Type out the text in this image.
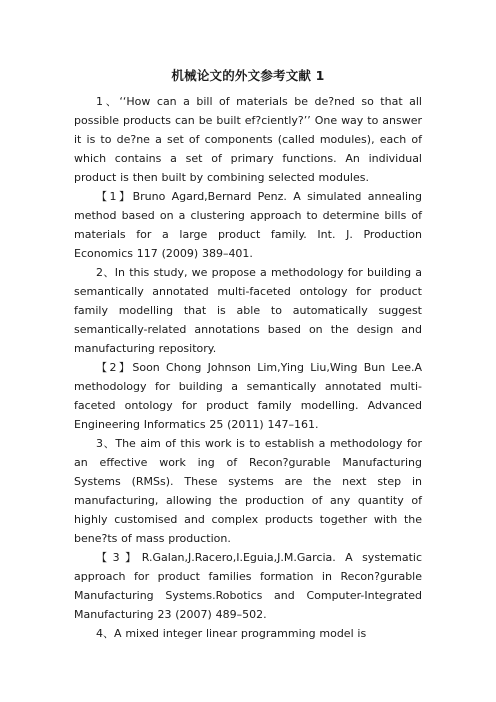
机械论文的外文参考文献 1

1、‘‘How can a bill of materials be de?ned so that all possible products can be built ef?ciently?’’ One way to answer it is to de?ne a set of components (called modules), each of which contains a set of primary functions. An individual product is then built by combining selected modules.

【1】Bruno Agard,Bernard Penz. A simulated annealing method based on a clustering approach to determine bills of materials for a large product family. Int. J. Production Economics 117 (2009) 389–401.

2、In this study, we propose a methodology for building a semantically annotated multi-faceted ontology for product family modelling that is able to automatically suggest semantically-related annotations based on the design and manufacturing repository.

【2】Soon Chong Johnson Lim,Ying Liu,Wing Bun Lee.A methodology for building a semantically annotated multi-faceted ontology for product family modelling. Advanced Engineering Informatics 25 (2011) 147–161.

3、The aim of this work is to establish a methodology for an effective work ing of Recon?gurable Manufacturing Systems (RMSs). These systems are the next step in manufacturing, allowing the production of any quantity of highly customised and complex products together with the bene?ts of mass production.

【3】R.Galan,J.Racero,I.Eguia,J.M.Garcia. A systematic approach for product families formation in Recon?gurable Manufacturing Systems.Robotics and Computer-Integrated Manufacturing 23 (2007) 489–502.

4、A mixed integer linear programming model is
